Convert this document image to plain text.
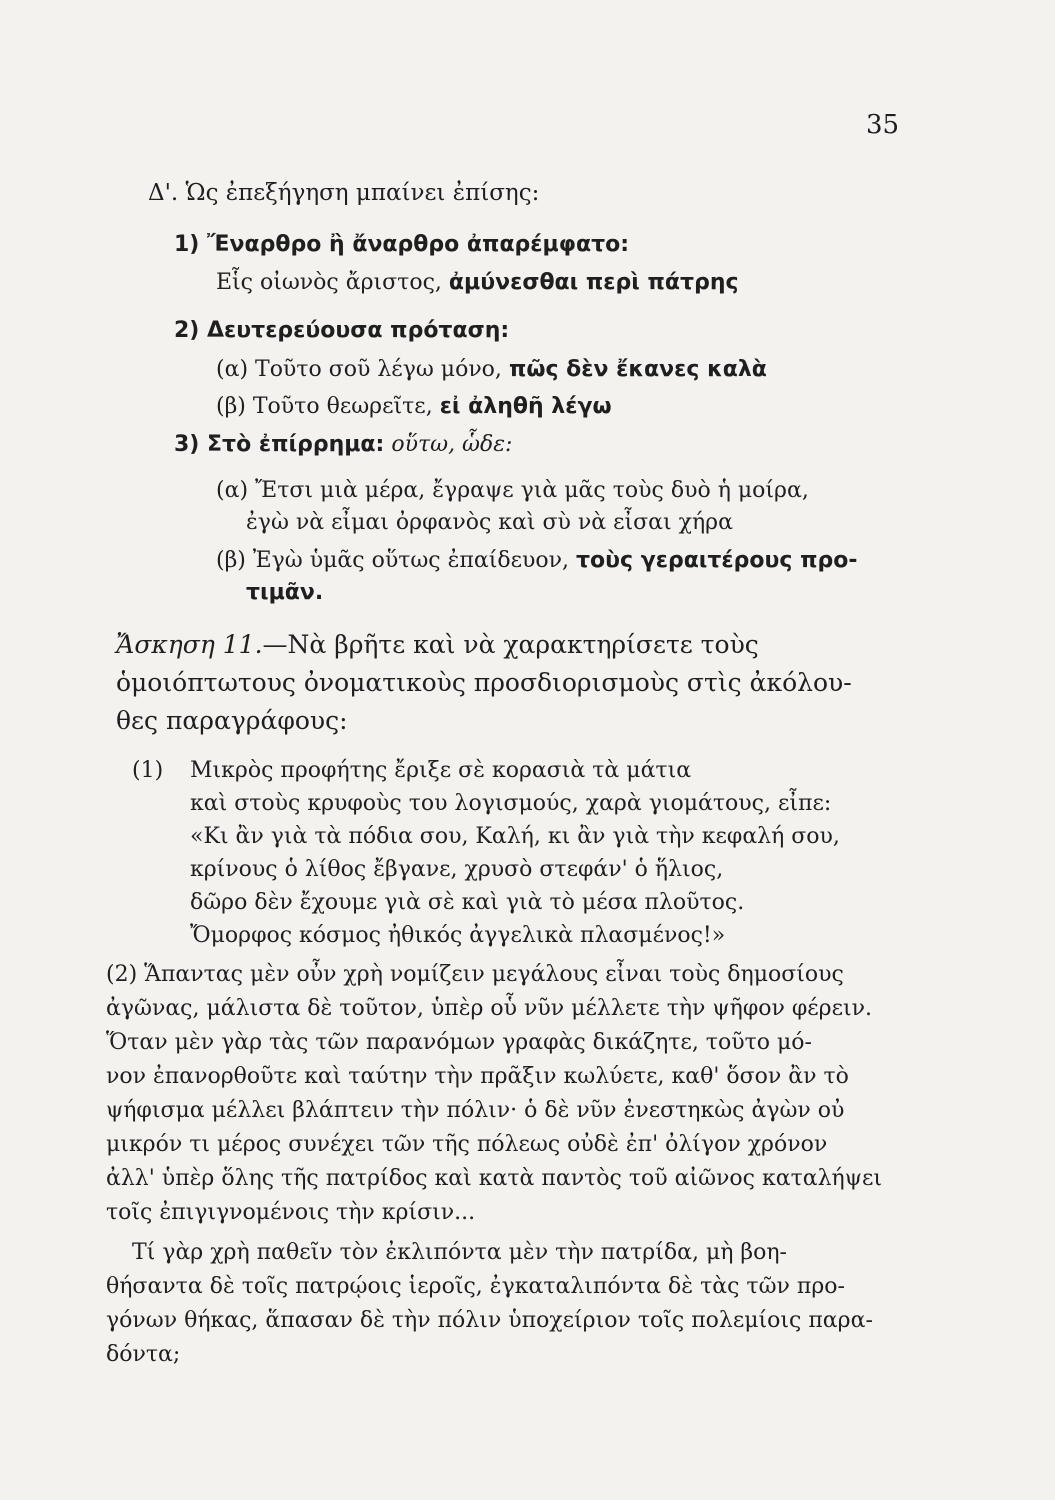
35
Δ'. Ὡς ἐπεξήγηση μπαίνει ἐπίσης:
1) Ἔναρθρο ἢ ἄναρθρο ἀπαρέμφατο:
Εἷς οἰωνὸς ἄριστος, ἀμύνεσθαι περὶ πάτρης
2) Δευτερεύουσα πρόταση:
(α) Τοῦτο σοῦ λέγω μόνο, πῶς δὲν ἔκανες καλὰ
(β) Τοῦτο θεωρεῖτε, εἰ ἀληθῆ λέγω
3) Στὸ ἐπίρρημα: οὕτω, ὧδε:
(α) Ἔτσι μιὰ μέρα, ἔγραψε γιὰ μᾶς τοὺς δυὸ ἡ μοίρα,
ἐγὼ νὰ εἶμαι ὀρφανὸς καὶ σὺ νὰ εἶσαι χήρα
(β) Ἐγὼ ὑμᾶς οὕτως ἐπαίδευον, τοὺς γεραιτέρους προ-
τιμᾶν.
Ἄσκηση 11.—Νὰ βρῆτε καὶ νὰ χαρακτηρίσετε τοὺς
ὁμοιόπτωτους ὀνοματικοὺς προσδιορισμοὺς στὶς ἀκόλου-
θες παραγράφους:
(1) Μικρὸς προφήτης ἔριξε σὲ κορασιὰ τὰ μάτια
καὶ στοὺς κρυφοὺς του λογισμούς, χαρὰ γιομάτους, εἶπε:
«Κι ἂν γιὰ τὰ πόδια σου, Καλή, κι ἂν γιὰ τὴν κεφαλή σου,
κρίνους ὁ λίθος ἔβγανε, χρυσὸ στεφάν' ὁ ἥλιος,
δῶρο δὲν ἔχουμε γιὰ σὲ καὶ γιὰ τὸ μέσα πλοῦτος.
Ὄμορφος κόσμος ἠθικός ἀγγελικὰ πλασμένος!»
(2) Ἅπαντας μὲν οὖν χρὴ νομίζειν μεγάλους εἶναι τοὺς δημοσίους
ἀγῶνας, μάλιστα δὲ τοῦτον, ὑπὲρ οὗ νῦν μέλλετε τὴν ψῆφον φέρειν.
Ὅταν μὲν γὰρ τὰς τῶν παρανόμων γραφὰς δικάζητε, τοῦτο μό-
νον ἐπανορθοῦτε καὶ ταύτην τὴν πρᾶξιν κωλύετε, καθ' ὅσον ἂν τὸ
ψήφισμα μέλλει βλάπτειν τὴν πόλιν· ὁ δὲ νῦν ἐνεστηκὼς ἀγὼν οὐ
μικρόν τι μέρος συνέχει τῶν τῆς πόλεως οὐδὲ ἐπ' ὀλίγον χρόνον
ἀλλ' ὑπὲρ ὅλης τῆς πατρίδος καὶ κατὰ παντὸς τοῦ αἰῶνος καταλήψει
τοῖς ἐπιγιγνομένοις τὴν κρίσιν...
Τί γὰρ χρὴ παθεῖν τὸν ἐκλιπόντα μὲν τὴν πατρίδα, μὴ βοη-
θήσαντα δὲ τοῖς πατρῴοις ἱεροῖς, ἐγκαταλιπόντα δὲ τὰς τῶν προ-
γόνων θήκας, ἅπασαν δὲ τὴν πόλιν ὑποχείριον τοῖς πολεμίοις παρα-
δόντα;
